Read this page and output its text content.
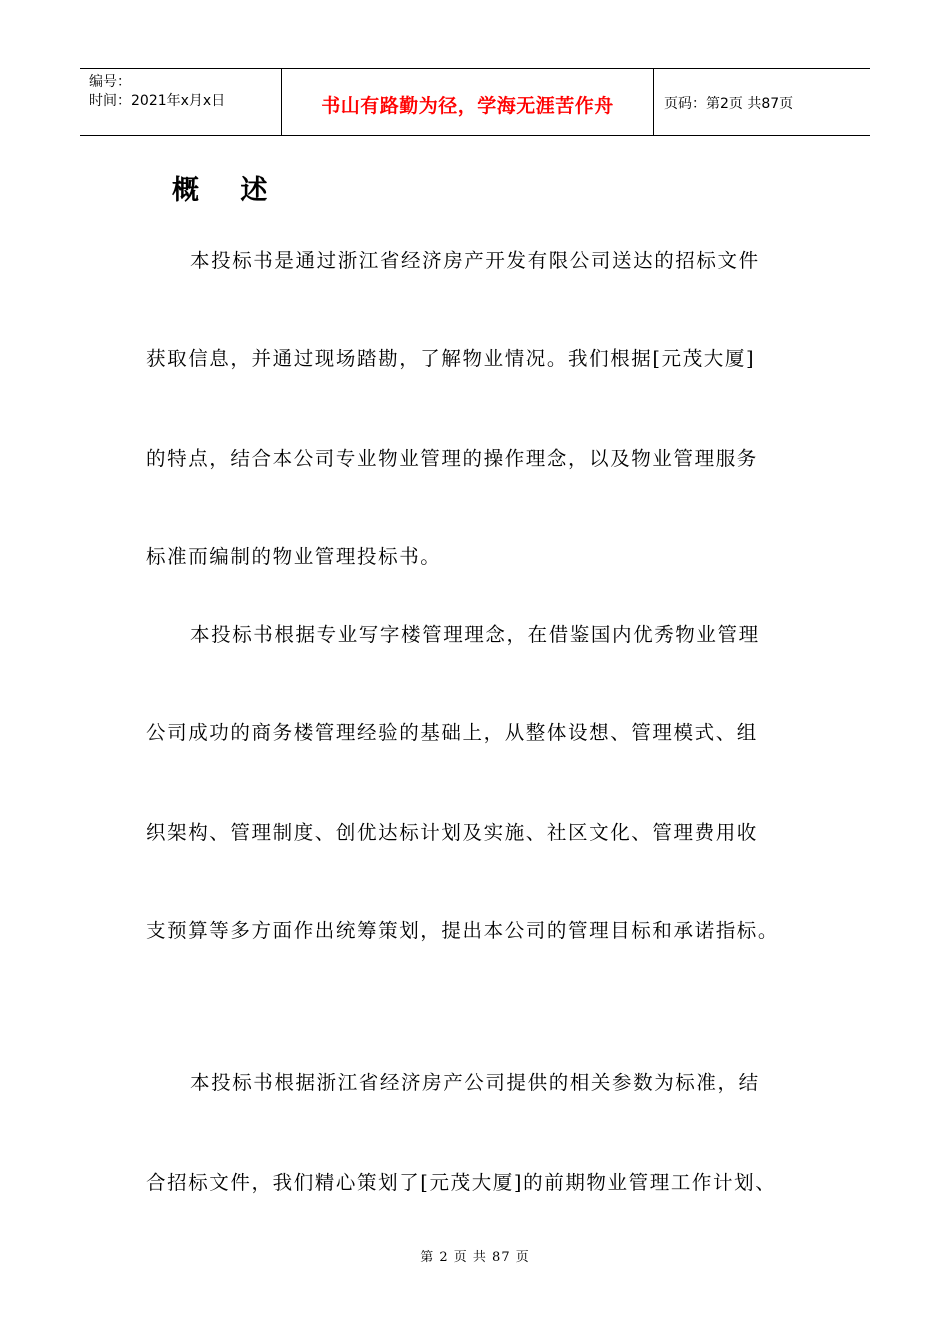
编号：
时间：2021年x月x日	书山有路勤为径，学海无涯苦作舟	页码：第2页 共87页
概 述

本投标书是通过浙江省经济房产开发有限公司送达的招标文件

获取信息，并通过现场踏勘，了解物业情况。我们根据[元茂大厦]

的特点，结合本公司专业物业管理的操作理念，以及物业管理服务

标准而编制的物业管理投标书。

本投标书根据专业写字楼管理理念，在借鉴国内优秀物业管理

公司成功的商务楼管理经验的基础上，从整体设想、管理模式、组

织架构、管理制度、创优达标计划及实施、社区文化、管理费用收

支预算等多方面作出统筹策划，提出本公司的管理目标和承诺指标。

本投标书根据浙江省经济房产公司提供的相关参数为标准，结

合招标文件，我们精心策划了[元茂大厦]的前期物业管理工作计划、

第 2 页 共 87 页
